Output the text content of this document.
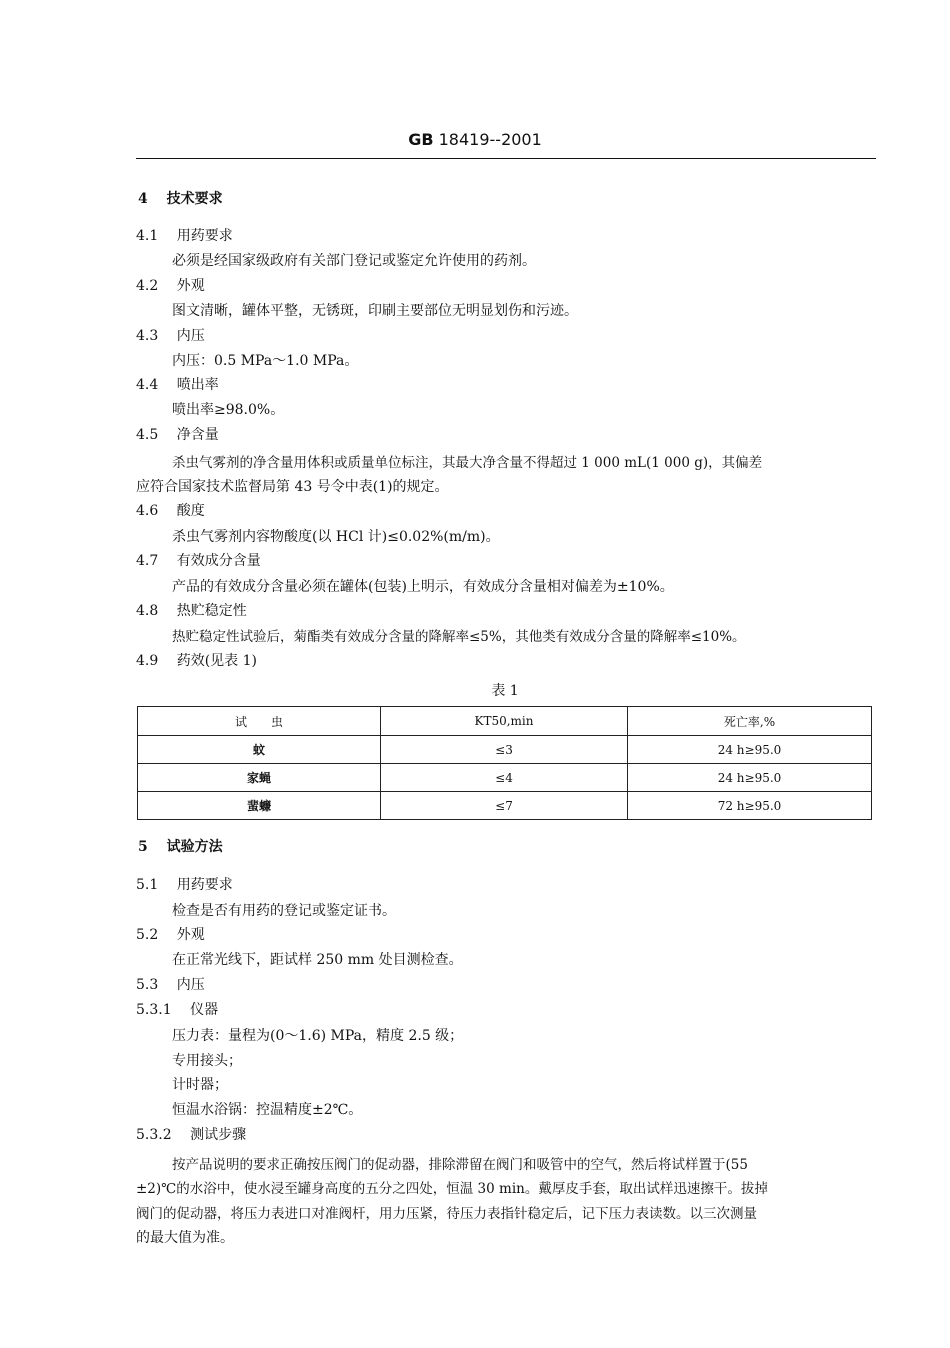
GB 18419--2001
4 技术要求
4.1 用药要求
必须是经国家级政府有关部门登记或鉴定允许使用的药剂。
4.2 外观
图文清晰，罐体平整，无锈斑，印刷主要部位无明显划伤和污迹。
4.3 内压
内压：0.5 MPa～1.0 MPa。
4.4 喷出率
喷出率≥98.0%。
4.5 净含量
杀虫气雾剂的净含量用体积或质量单位标注，其最大净含量不得超过 1 000 mL(1 000 g)，其偏差
应符合国家技术监督局第 43 号令中表(1)的规定。
4.6 酸度
杀虫气雾剂内容物酸度(以 HCl 计)≤0.02%(m/m)。
4.7 有效成分含量
产品的有效成分含量必须在罐体(包装)上明示，有效成分含量相对偏差为±10%。
4.8 热贮稳定性
热贮稳定性试验后，菊酯类有效成分含量的降解率≤5%，其他类有效成分含量的降解率≤10%。
4.9 药效(见表 1)
表 1
试　　虫	KT50,min	死亡率,%
蚊	≤3	24 h≥95.0
家蝇	≤4	24 h≥95.0
蜚蠊	≤7	72 h≥95.0
5 试验方法
5.1 用药要求
检查是否有用药的登记或鉴定证书。
5.2 外观
在正常光线下，距试样 250 mm 处目测检查。
5.3 内压
5.3.1 仪器
压力表：量程为(0～1.6) MPa，精度 2.5 级；
专用接头；
计时器；
恒温水浴锅：控温精度±2℃。
5.3.2 测试步骤
按产品说明的要求正确按压阀门的促动器，排除滞留在阀门和吸管中的空气，然后将试样置于(55
±2)℃的水浴中，使水浸至罐身高度的五分之四处，恒温 30 min。戴厚皮手套，取出试样迅速擦干。拔掉
阀门的促动器，将压力表进口对准阀杆，用力压紧，待压力表指针稳定后，记下压力表读数。以三次测量
的最大值为准。
